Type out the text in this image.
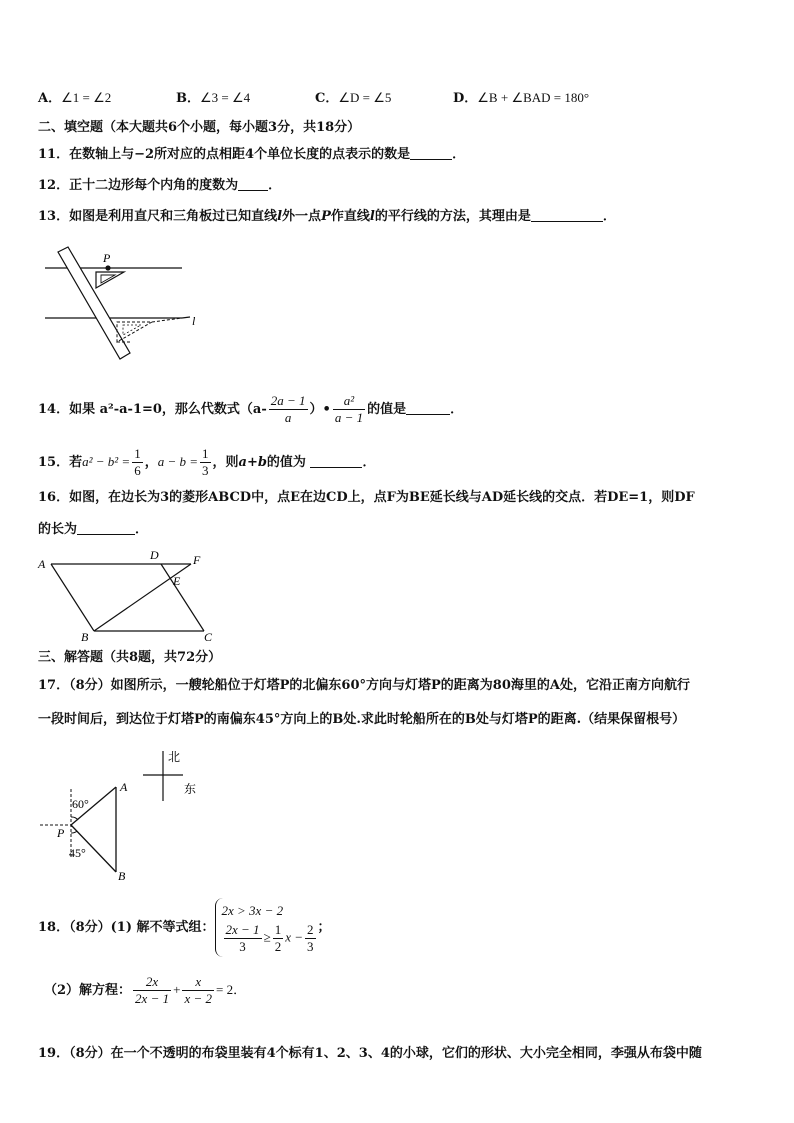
A．∠1 = ∠2	B．∠3 = ∠4	C．∠D = ∠5	D．∠B + ∠BAD = 180°
二、填空题（本大题共6个小题，每小题3分，共18分）
11．在数轴上与−2所对应的点相距4个单位长度的点表示的数是	．
12．正十二边形每个内角的度数为 ．
13．如图是利用直尺和三角板过已知直线l外一点P作直线l的平行线的方法，其理由是	．
P
l
14．如果 a²-a-1=0，那么代数式（$a- \frac{2a - 1}{a}$ ）• $\frac{\text{a²}}{a - 1}$ 的值是	．
15．若$a^2 - b^2 = \frac{1}{6}$ ，$a - b = \frac{1}{3}$ ，则a+b的值为	．
16．如图，在边长为3的菱形ABCD中，点E在边CD上，点F为BE延长线与AD延长线的交点．若DE=1，则DF
的长为	．
A
D	F
E
B	C
三、解答题（共8题，共72分）
17．（8分）如图所示，一艘轮船位于灯塔P的北偏东60°方向与灯塔P的距离为80海里的A处，它沿正南方向航行
一段时间后，到达位于灯塔P的南偏东45°方向上的B处.求此时轮船所在的B处与灯塔P的距离.（结果保留根号）
北
东
60°
45°
P
A
B
18．（8分）(1) 解不等式组：
2x > 3x − 2
$\frac{2x - 1}{3} \ge \frac{1}{2}$ $x - \frac{2}{3}$ ；
（2）解方程： $\frac{2x}{2x - 1} + \frac{x}{x - 2} = 2$．
19．（8分）在一个不透明的布袋里装有4个标有1、2、3、4的小球，它们的形状、大小完全相同，李强从布袋中随
